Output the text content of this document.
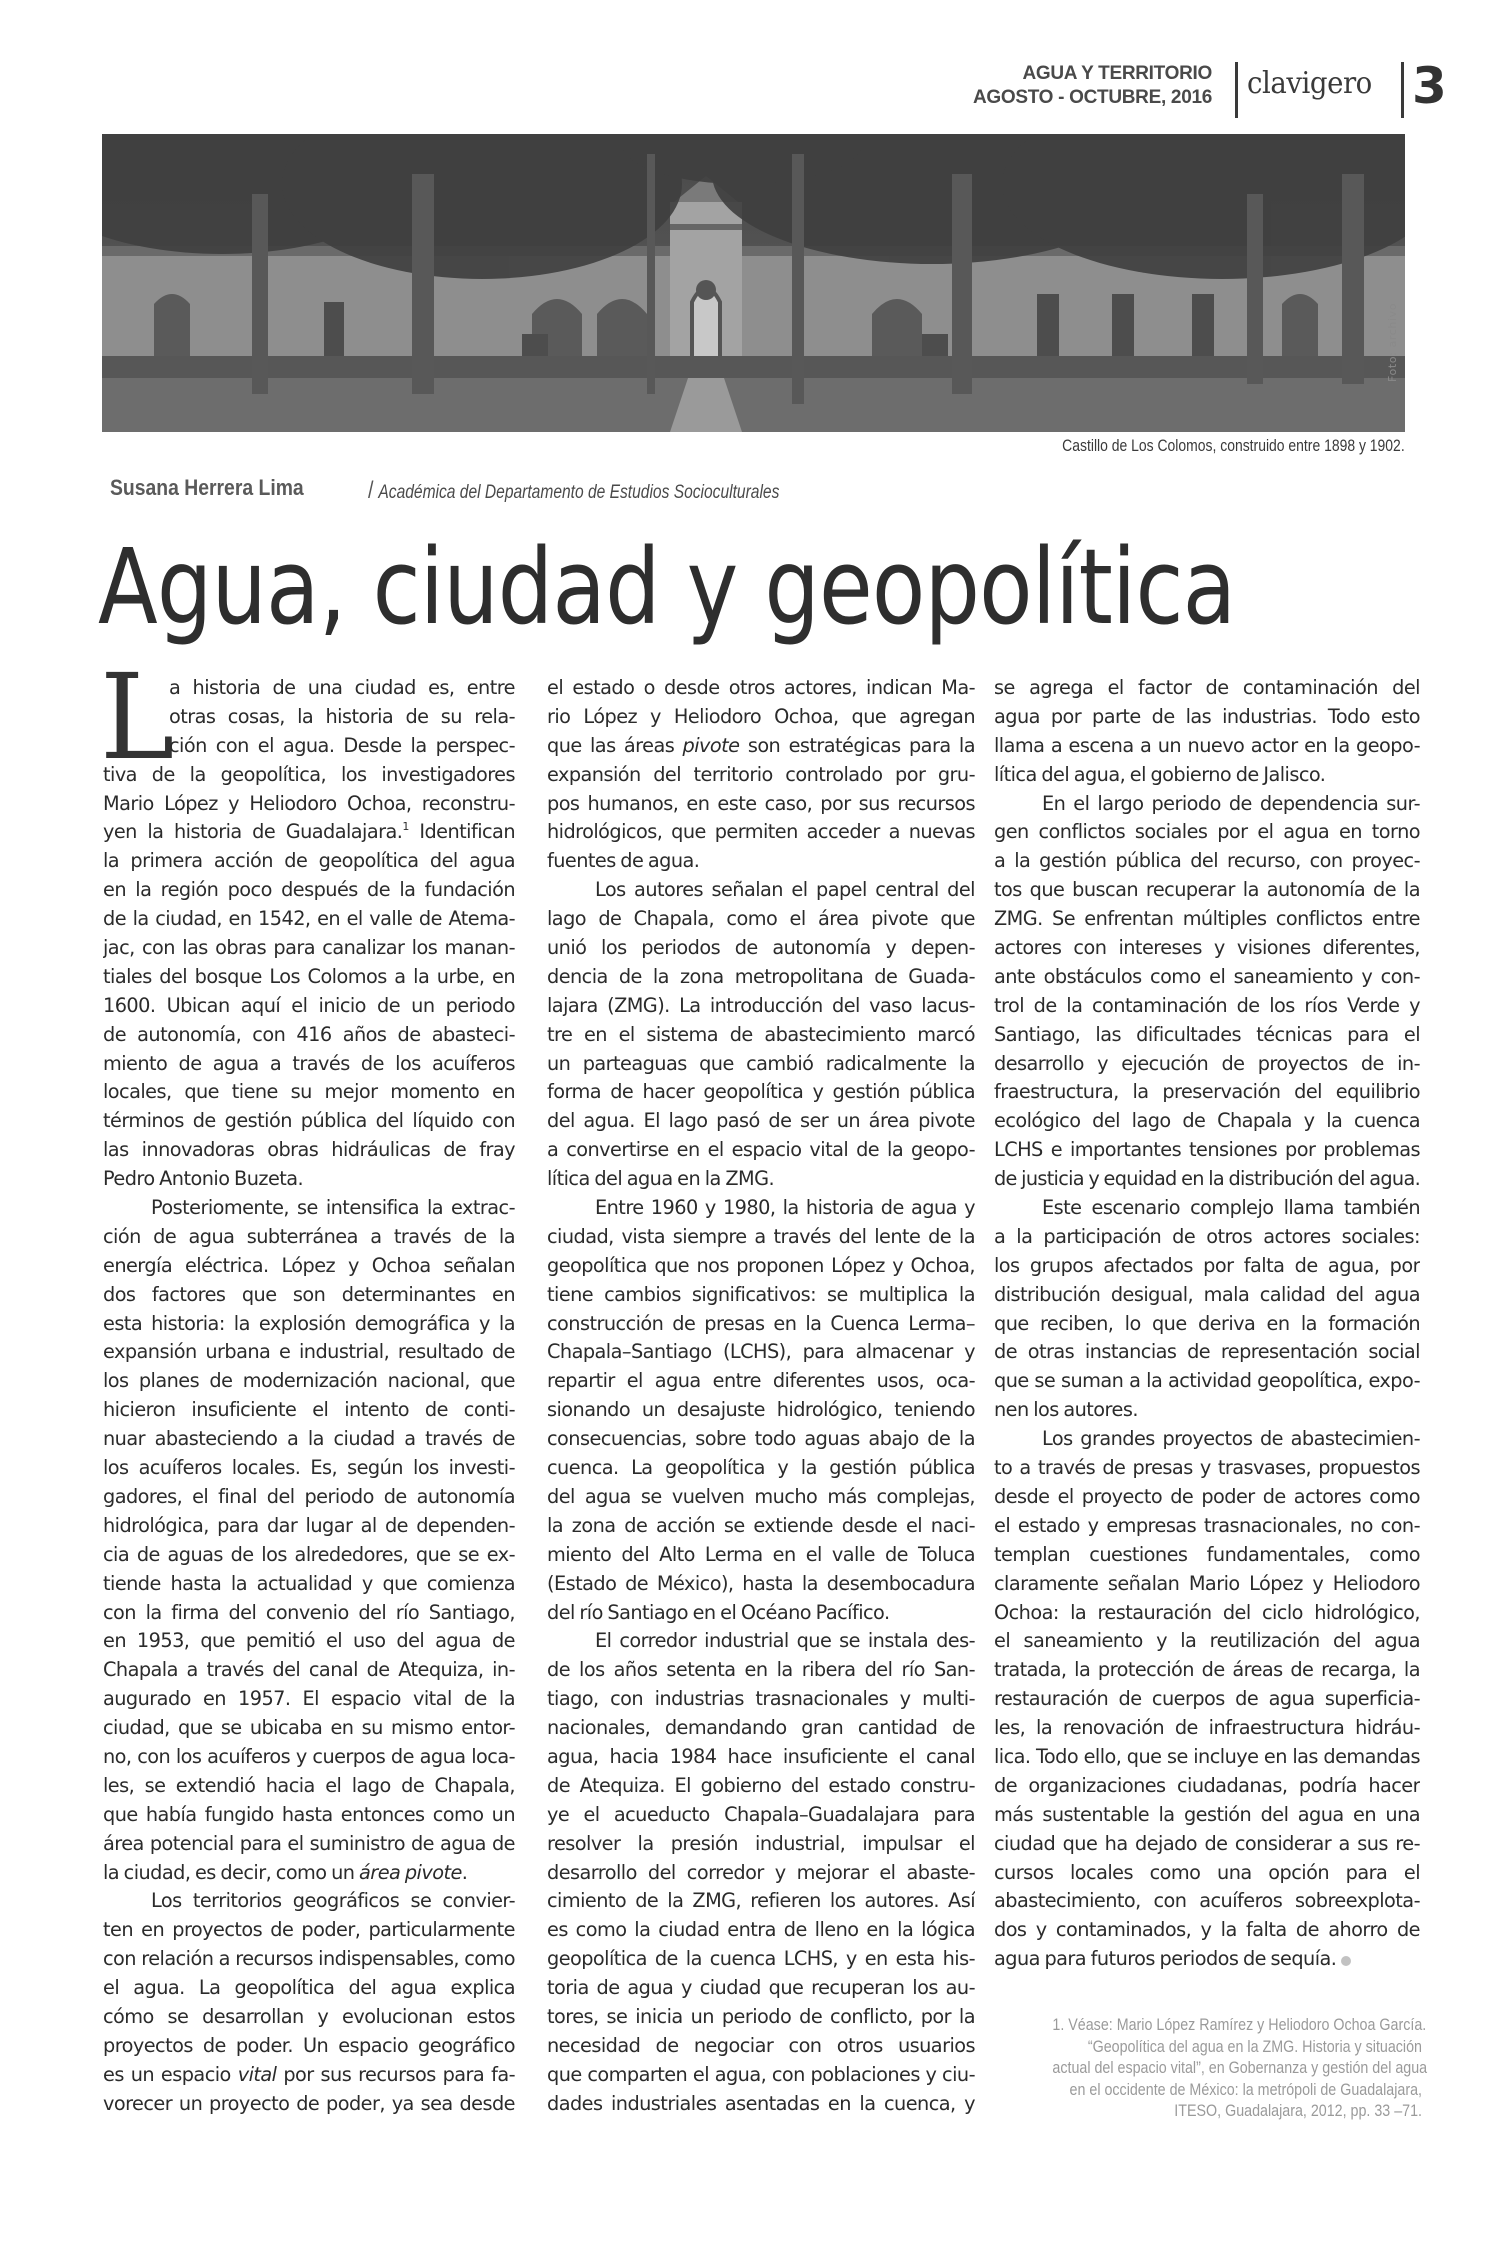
AGUA Y TERRITORIO
AGOSTO - OCTUBRE, 2016 clavigero 3
Foto: archivo
Castillo de Los Colomos, construido entre 1898 y 1902.
Susana Herrera Lima	/ Académica del Departamento de Estudios Socioculturales
Agua, ciudad y geopolítica
L
a historia de una ciudad es, entre
otras cosas, la historia de su rela-
ción con el agua. Desde la perspec-
tiva de la geopolítica, los investigadores
Mario López y Heliodoro Ochoa, reconstru-
yen la historia de Guadalajara.$^1$ Identifican
la primera acción de geopolítica del agua
en la región poco después de la fundación
de la ciudad, en 1542, en el valle de Atema-
jac, con las obras para canalizar los manan-
tiales del bosque Los Colomos a la urbe, en
1600. Ubican aquí el inicio de un periodo
de autonomía, con 416 años de abasteci-
miento de agua a través de los acuíferos
locales, que tiene su mejor momento en
términos de gestión pública del líquido con
las innovadoras obras hidráulicas de fray
Pedro Antonio Buzeta.
Posteriomente, se intensifica la extrac-
ción de agua subterránea a través de la
energía eléctrica. López y Ochoa señalan
dos factores que son determinantes en
esta historia: la explosión demográfica y la
expansión urbana e industrial, resultado de
los planes de modernización nacional, que
hicieron insuficiente el intento de conti-
nuar abasteciendo a la ciudad a través de
los acuíferos locales. Es, según los investi-
gadores, el final del periodo de autonomía
hidrológica, para dar lugar al de dependen-
cia de aguas de los alrededores, que se ex-
tiende hasta la actualidad y que comienza
con la firma del convenio del río Santiago,
en 1953, que pemitió el uso del agua de
Chapala a través del canal de Atequiza, in-
augurado en 1957. El espacio vital de la
ciudad, que se ubicaba en su mismo entor-
no, con los acuíferos y cuerpos de agua loca-
les, se extendió hacia el lago de Chapala,
que había fungido hasta entonces como un
área potencial para el suministro de agua de
la ciudad, es decir, como un área pivote.
Los territorios geográficos se convier-
ten en proyectos de poder, particularmente
con relación a recursos indispensables, como
el agua. La geopolítica del agua explica
cómo se desarrollan y evolucionan estos
proyectos de poder. Un espacio geográfico
es un espacio vital por sus recursos para fa-
vorecer un proyecto de poder, ya sea desde
el estado o desde otros actores, indican Ma-
rio López y Heliodoro Ochoa, que agregan
que las áreas pivote son estratégicas para la
expansión del territorio controlado por gru-
pos humanos, en este caso, por sus recursos
hidrológicos, que permiten acceder a nuevas
fuentes de agua.
Los autores señalan el papel central del
lago de Chapala, como el área pivote que
unió los periodos de autonomía y depen-
dencia de la zona metropolitana de Guada-
lajara (ZMG). La introducción del vaso lacus-
tre en el sistema de abastecimiento marcó
un parteaguas que cambió radicalmente la
forma de hacer geopolítica y gestión pública
del agua. El lago pasó de ser un área pivote
a convertirse en el espacio vital de la geopo-
lítica del agua en la ZMG.
Entre 1960 y 1980, la historia de agua y
ciudad, vista siempre a través del lente de la
geopolítica que nos proponen López y Ochoa,
tiene cambios significativos: se multiplica la
construcción de presas en la Cuenca Lerma–
Chapala–Santiago (LCHS), para almacenar y
repartir el agua entre diferentes usos, oca-
sionando un desajuste hidrológico, teniendo
consecuencias, sobre todo aguas abajo de la
cuenca. La geopolítica y la gestión pública
del agua se vuelven mucho más complejas,
la zona de acción se extiende desde el naci-
miento del Alto Lerma en el valle de Toluca
(Estado de México), hasta la desembocadura
del río Santiago en el Océano Pacífico.
El corredor industrial que se instala des-
de los años setenta en la ribera del río San-
tiago, con industrias trasnacionales y multi-
nacionales, demandando gran cantidad de
agua, hacia 1984 hace insuficiente el canal
de Atequiza. El gobierno del estado constru-
ye el acueducto Chapala–Guadalajara para
resolver la presión industrial, impulsar el
desarrollo del corredor y mejorar el abaste-
cimiento de la ZMG, refieren los autores. Así
es como la ciudad entra de lleno en la lógica
geopolítica de la cuenca LCHS, y en esta his-
toria de agua y ciudad que recuperan los au-
tores, se inicia un periodo de conflicto, por la
necesidad de negociar con otros usuarios
que comparten el agua, con poblaciones y ciu-
dades industriales asentadas en la cuenca, y
se agrega el factor de contaminación del
agua por parte de las industrias. Todo esto
llama a escena a un nuevo actor en la geopo-
lítica del agua, el gobierno de Jalisco.
En el largo periodo de dependencia sur-
gen conflictos sociales por el agua en torno
a la gestión pública del recurso, con proyec-
tos que buscan recuperar la autonomía de la
ZMG. Se enfrentan múltiples conflictos entre
actores con intereses y visiones diferentes,
ante obstáculos como el saneamiento y con-
trol de la contaminación de los ríos Verde y
Santiago, las dificultades técnicas para el
desarrollo y ejecución de proyectos de in-
fraestructura, la preservación del equilibrio
ecológico del lago de Chapala y la cuenca
LCHS e importantes tensiones por problemas
de justicia y equidad en la distribución del agua.
Este escenario complejo llama también
a la participación de otros actores sociales:
los grupos afectados por falta de agua, por
distribución desigual, mala calidad del agua
que reciben, lo que deriva en la formación
de otras instancias de representación social
que se suman a la actividad geopolítica, expo-
nen los autores.
Los grandes proyectos de abastecimien-
to a través de presas y trasvases, propuestos
desde el proyecto de poder de actores como
el estado y empresas trasnacionales, no con-
templan cuestiones fundamentales, como
claramente señalan Mario López y Heliodoro
Ochoa: la restauración del ciclo hidrológico,
el saneamiento y la reutilización del agua
tratada, la protección de áreas de recarga, la
restauración de cuerpos de agua superficia-
les, la renovación de infraestructura hidráu-
lica. Todo ello, que se incluye en las demandas
de organizaciones ciudadanas, podría hacer
más sustentable la gestión del agua en una
ciudad que ha dejado de considerar a sus re-
cursos locales como una opción para el
abastecimiento, con acuíferos sobreexplota-
dos y contaminados, y la falta de ahorro de
agua para futuros periodos de sequía.
1. Véase: Mario López Ramírez y Heliodoro Ochoa García.
“Geopolítica del agua en la ZMG. Historia y situación
actual del espacio vital”, en Gobernanza y gestión del agua
en el occidente de México: la metrópoli de Guadalajara,
ITESO, Guadalajara, 2012, pp. 33 –71.
